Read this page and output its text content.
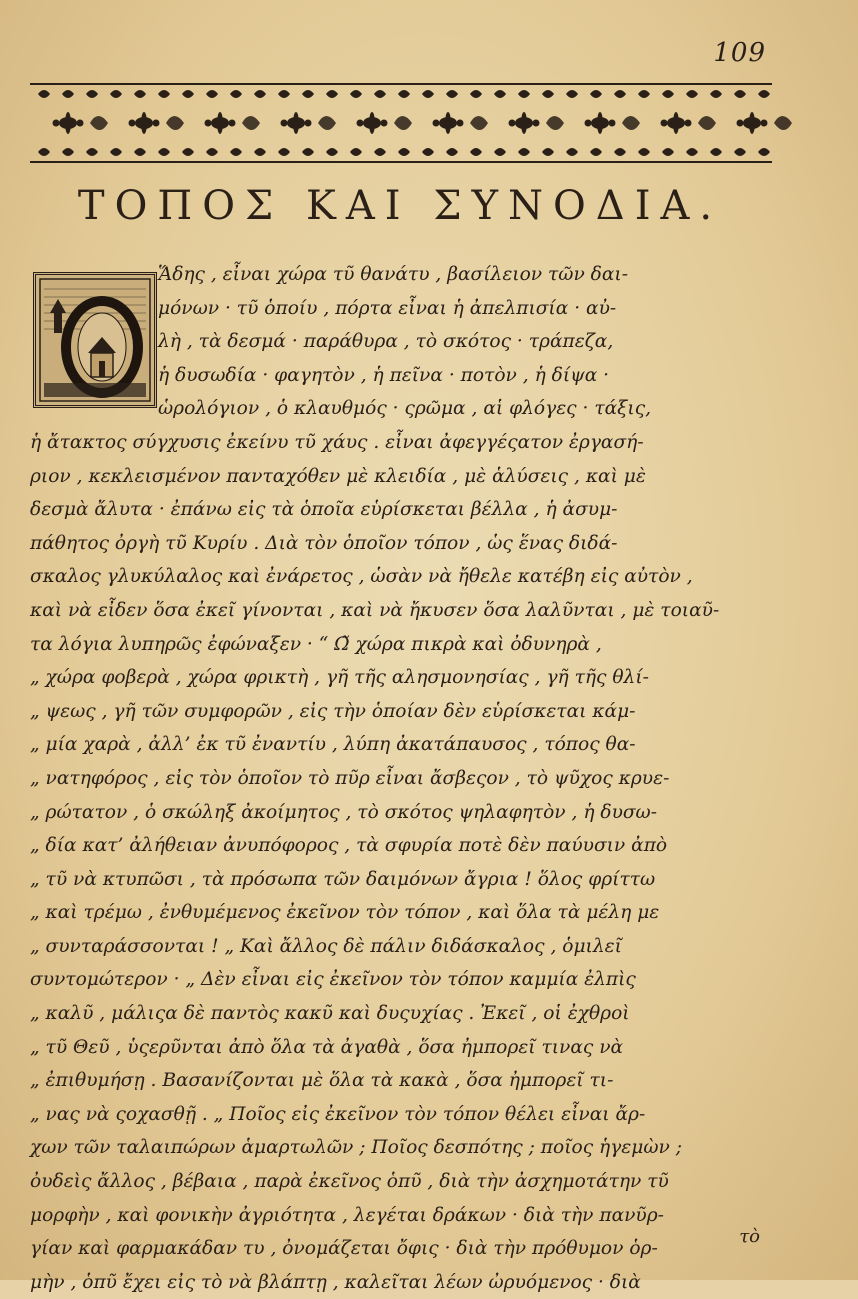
109
ΤΟΠΟΣ ΚΑΙ ΣΥΝΟΔΙΑ.
Ἅδης , εἶναι χώρα τῦ θανάτυ , βασίλειον τῶν δαι-
μόνων · τῦ ὁποίυ , πόρτα εἶναι ἡ ἀπελπισία · αὐ-
λὴ , τὰ δεσμά · παράθυρα , τὸ σκότος · τράπεζα,
ἡ δυσωδία · φαγητὸν , ἡ πεῖνα · ποτὸν , ἡ δίψα ·
ὡρολόγιον , ὁ κλαυθμός · ςρῶμα , αἱ φλόγες · τάξις,
ἡ ἄτακτος σύγχυσις ἐκείνυ τῦ χάυς . εἶναι ἀφεγγέςατον ἐργασή-
ριον , κεκλεισμένον πανταχόθεν μὲ κλειδία , μὲ ἁλύσεις , καὶ μὲ
δεσμὰ ἄλυτα · ἐπάνω εἰς τὰ ὁποῖα εὑρίσκεται βέλλα , ἡ ἀσυμ-
πάθητος ὀργὴ τῦ Κυρίυ . Διὰ τὸν ὁποῖον τόπον , ὡς ἕνας διδά-
σκαλος γλυκύλαλος καὶ ἐνάρετος , ὡσὰν νὰ ἤθελε κατέβη εἰς αὐτὸν ,
καὶ νὰ εἶδεν ὅσα ἐκεῖ γίνονται , καὶ νὰ ἤκυσεν ὅσα λαλῦνται , μὲ τοιαῦ-
τα λόγια λυπηρῶς ἐφώναξεν · “ Ω̃ χώρα πικρὰ καὶ ὀδυνηρὰ ,
„ χώρα φοβερὰ , χώρα φρικτὴ , γῆ τῆς αλησμονησίας , γῆ τῆς θλί-
„ ψεως , γῆ τῶν συμφορῶν , εἰς τὴν ὁποίαν δὲν εὑρίσκεται κάμ-
„ μία χαρὰ , ἀλλ’ ἐκ τῦ ἐναντίυ , λύπη ἀκατάπαυσος , τόπος θα-
„ νατηφόρος , εἰς τὸν ὁποῖον τὸ πῦρ εἶναι ἄσβεςον , τὸ ψῦχος κρυε-
„ ρώτατον , ὁ σκώληξ ἀκοίμητος , τὸ σκότος ψηλαφητὸν , ἡ δυσω-
„ δία κατ’ ἀλήθειαν ἀνυπόφορος , τὰ σφυρία ποτὲ δὲν παύυσιν ἀπὸ
„ τῦ νὰ κτυπῶσι , τὰ πρόσωπα τῶν δαιμόνων ἄγρια ! ὅλος φρίττω
„ καὶ τρέμω , ἐνθυμέμενος ἐκεῖνον τὸν τόπον , καὶ ὅλα τὰ μέλη με
„ συνταράσσονται ! „ Καὶ ἄλλος δὲ πάλιν διδάσκαλος , ὁμιλεῖ
συντομώτερον · „ Δὲν εἶναι εἰς ἐκεῖνον τὸν τόπον καμμία ἐλπὶς
„ καλῦ , μάλιςα δὲ παντὸς κακῦ καὶ δυςυχίας . Ἐκεῖ , οἱ ἐχθροὶ
„ τῦ Θεῦ , ὑςερῦνται ἀπὸ ὅλα τὰ ἀγαθὰ , ὅσα ἠμπορεῖ τινας νὰ
„ ἐπιθυμήσῃ . Βασανίζονται μὲ ὅλα τὰ κακὰ , ὅσα ἠμπορεῖ τι-
„ νας νὰ ςοχασθῇ . „ Ποῖος εἰς ἐκεῖνον τὸν τόπον θέλει εἶναι ἄρ-
χων τῶν ταλαιπώρων ἁμαρτωλῶν ; Ποῖος δεσπότης ; ποῖος ἡγεμὼν ;
ὀυδεὶς ἄλλος , βέβαια , παρὰ ἐκεῖνος ὁπῦ , διὰ τὴν ἀσχημοτάτην τῦ
μορφὴν , καὶ φονικὴν ἀγριότητα , λεγέται δράκων · διὰ τὴν πανῦρ-
γίαν καὶ φαρμακάδαν τυ , ὀνομάζεται ὄφις · διὰ τὴν πρόθυμον ὁρ-
μὴν , ὁπῦ ἔχει εἰς τὸ νὰ βλάπτῃ , καλεῖται λέων ὠρυόμενος · διὰ
τὸ
